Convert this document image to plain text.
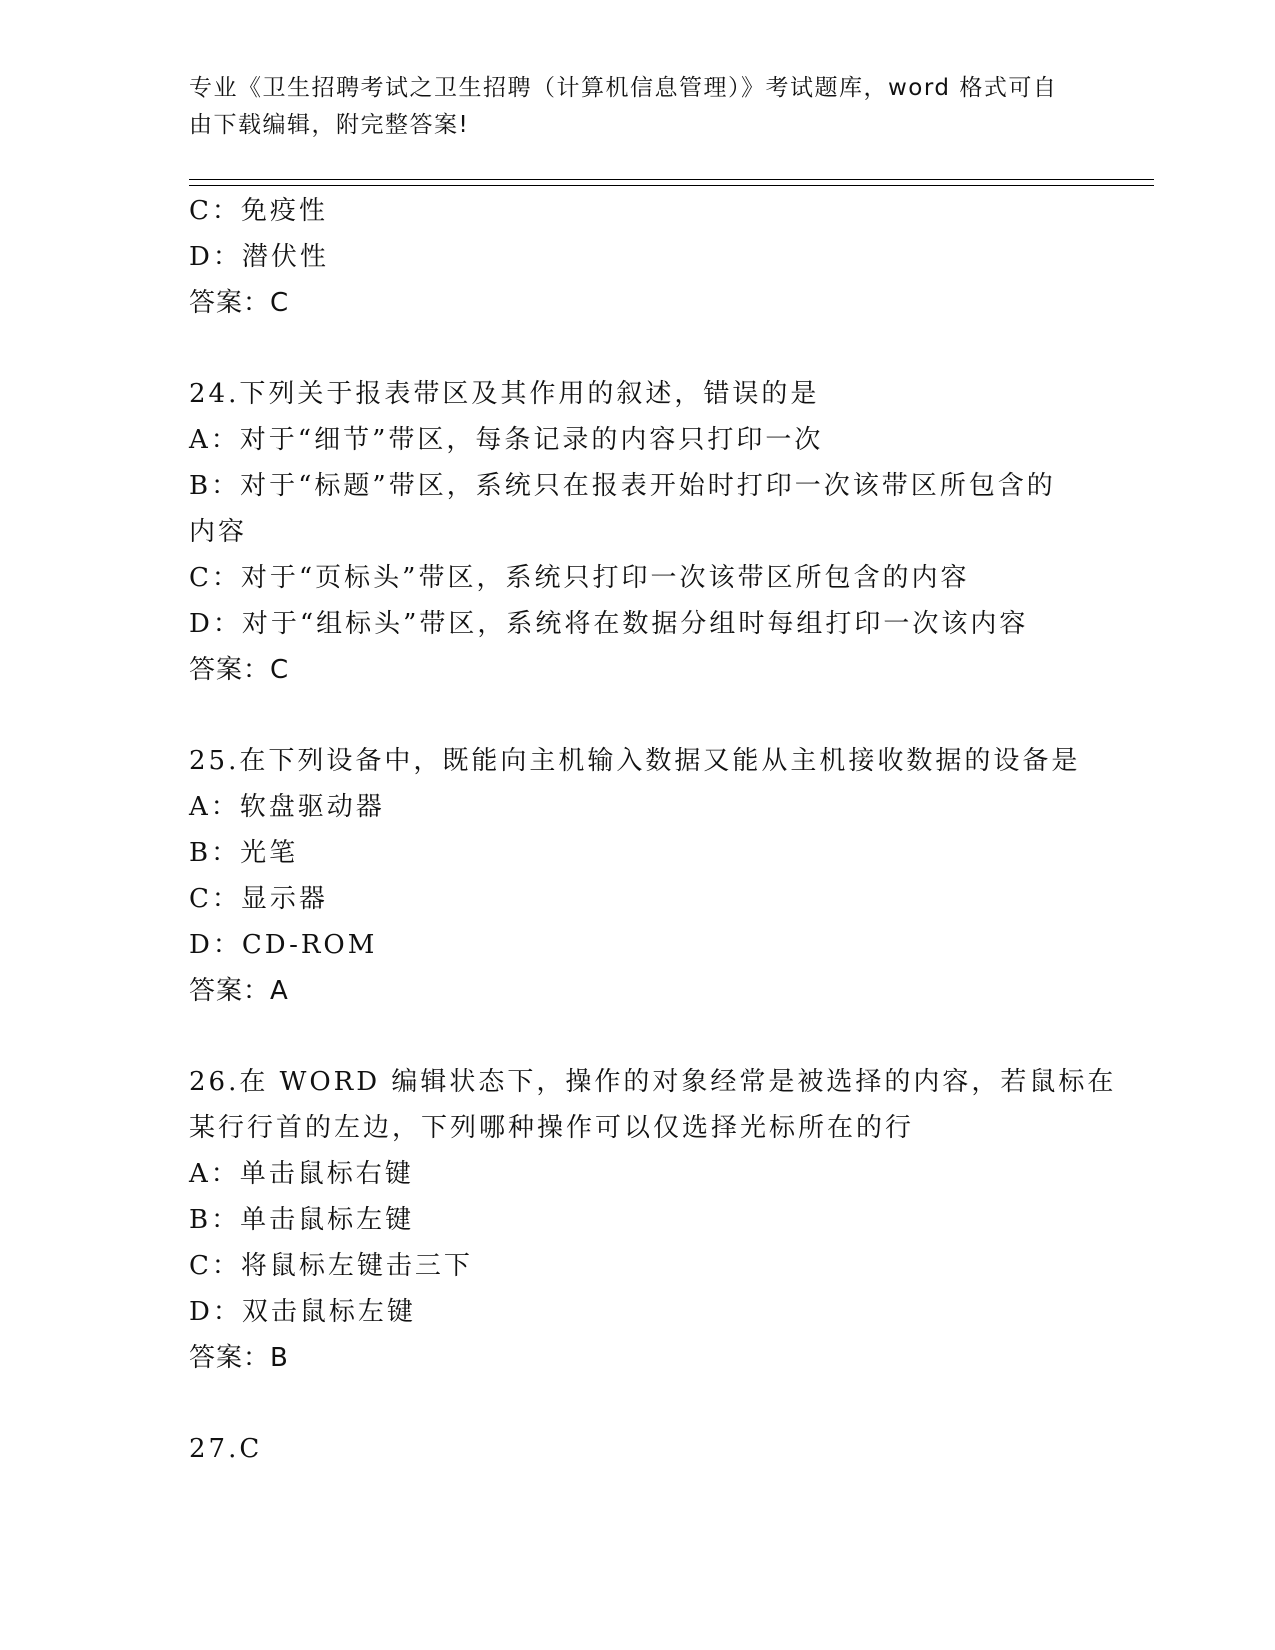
专业《卫生招聘考试之卫生招聘（计算机信息管理）》考试题库，word 格式可自
由下载编辑，附完整答案!
C：免疫性
D：潜伏性
答案：C
24.下列关于报表带区及其作用的叙述，错误的是
A：对于“细节”带区，每条记录的内容只打印一次
B：对于“标题”带区，系统只在报表开始时打印一次该带区所包含的
内容
C：对于“页标头”带区，系统只打印一次该带区所包含的内容
D：对于“组标头”带区，系统将在数据分组时每组打印一次该内容
答案：C
25.在下列设备中，既能向主机输入数据又能从主机接收数据的设备是
A：软盘驱动器
B：光笔
C：显示器
D：CD-ROM
答案：A
26.在 WORD 编辑状态下，操作的对象经常是被选择的内容，若鼠标在
某行行首的左边，下列哪种操作可以仅选择光标所在的行
A：单击鼠标右键
B：单击鼠标左键
C：将鼠标左键击三下
D：双击鼠标左键
答案：B
27.C
